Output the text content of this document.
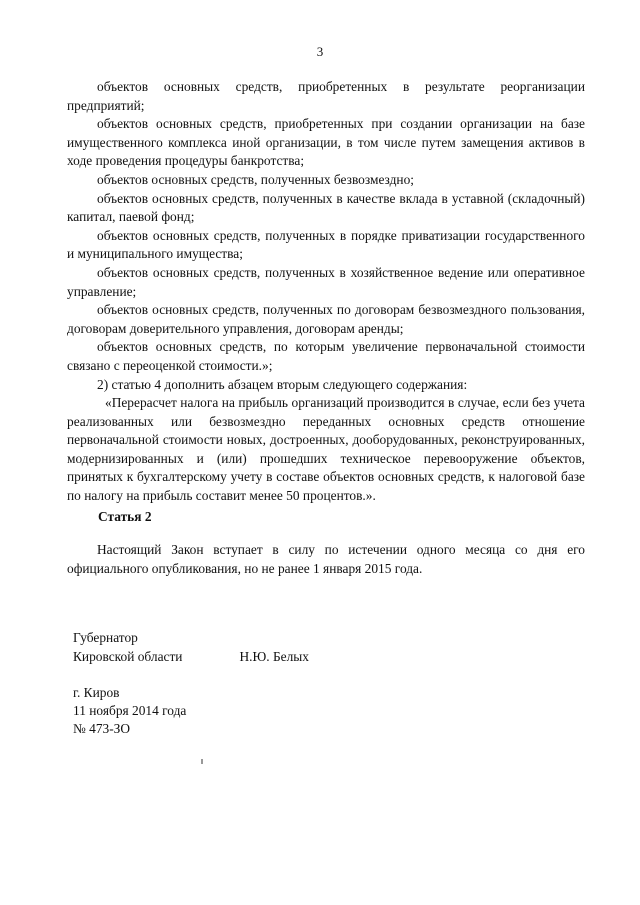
3

объектов основных средств, приобретенных в результате реорганизации предприятий;

объектов основных средств, приобретенных при создании организации на базе имущественного комплекса иной организации, в том числе путем замещения активов в ходе проведения процедуры банкротства;

объектов основных средств, полученных безвозмездно;

объектов основных средств, полученных в качестве вклада в уставной (складочный) капитал, паевой фонд;

объектов основных средств, полученных в порядке приватизации государственного и муниципального имущества;

объектов основных средств, полученных в хозяйственное ведение или оперативное управление;

объектов основных средств, полученных по договорам безвозмездного пользования, договорам доверительного управления, договорам аренды;

объектов основных средств, по которым увеличение первоначальной стоимости связано с переоценкой стоимости.»;

2) статью 4 дополнить абзацем вторым следующего содержания:

«Перерасчет налога на прибыль организаций производится в случае, если без учета реализованных или безвозмездно переданных основных средств отношение первоначальной стоимости новых, достроенных, дооборудованных, реконструированных, модернизированных и (или) прошедших техническое перевооружение объектов, принятых к бухгалтерскому учету в составе объектов основных средств, к налоговой базе по налогу на прибыль составит менее 50 процентов.».

Статья 2

Настоящий Закон вступает в силу по истечении одного месяца со дня его официального опубликования, но не ранее 1 января 2015 года.

Губернатор
Кировской области	Н.Ю. Белых
г. Киров
11 ноября 2014 года
№ 473-ЗО
